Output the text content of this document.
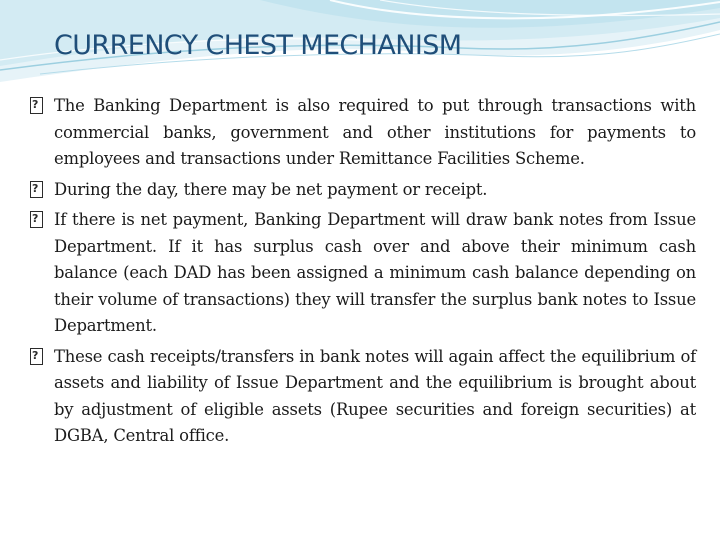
CURRENCY CHEST MECHANISM
? The Banking Department is also required to put through transactions with commercial banks, government and other institutions for payments to employees and transactions under Remittance Facilities Scheme.
? During the day, there may be net payment or receipt.
? If there is net payment, Banking Department will draw bank notes from Issue Department. If it has surplus cash over and above their minimum cash balance (each DAD has been assigned a minimum cash balance depending on their volume of transactions) they will transfer the surplus bank notes to Issue Department.
? These cash receipts/transfers in bank notes will again affect the equilibrium of assets and liability of Issue Department and the equilibrium is brought about by adjustment of eligible assets (Rupee securities and foreign securities) at DGBA, Central office.
